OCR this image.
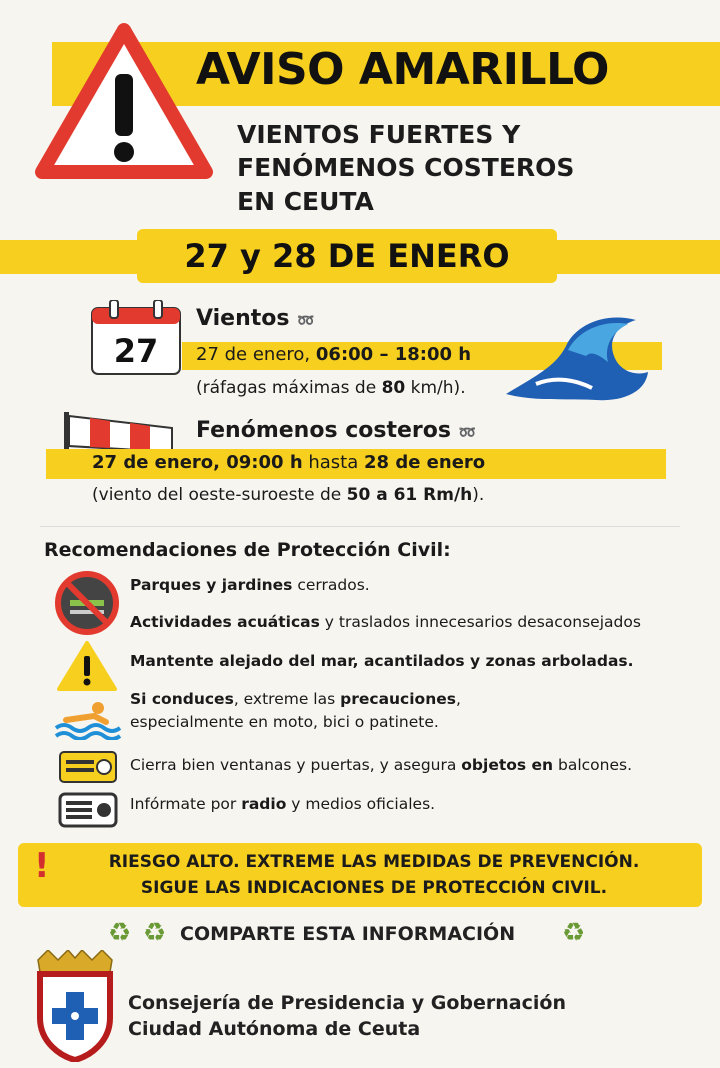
AVISO AMARILLO
VIENTOS FUERTES Y
FENÓMENOS COSTEROS
EN CEUTA
27 y 28 DE ENERO
27
Vientos ➿
27 de enero, 06:00 – 18:00 h
(ráfagas máximas de 80 km/h).
Fenómenos costeros ➿
27 de enero, 09:00 h hasta 28 de enero
(viento del oeste-suroeste de 50 a 61 Rm/h).
Recomendaciones de Protección Civil:
Parques y jardines cerrados.
Actividades acuáticas y traslados innecesarios desaconsejados
Mantente alejado del mar, acantilados y zonas arboladas.
Si conduces, extreme las precauciones,
especialmente en moto, bici o patinete.
Cierra bien ventanas y puertas, y asegura objetos en balcones.
Infórmate por radio y medios oficiales.
!	RIESGO ALTO. EXTREME LAS MEDIDAS DE PREVENCIÓN.
SIGUE LAS INDICACIONES DE PROTECCIÓN CIVIL.
♻ ♻ COMPARTE ESTA INFORMACIÓN ♻
Consejería de Presidencia y Gobernación
Ciudad Autónoma de Ceuta
